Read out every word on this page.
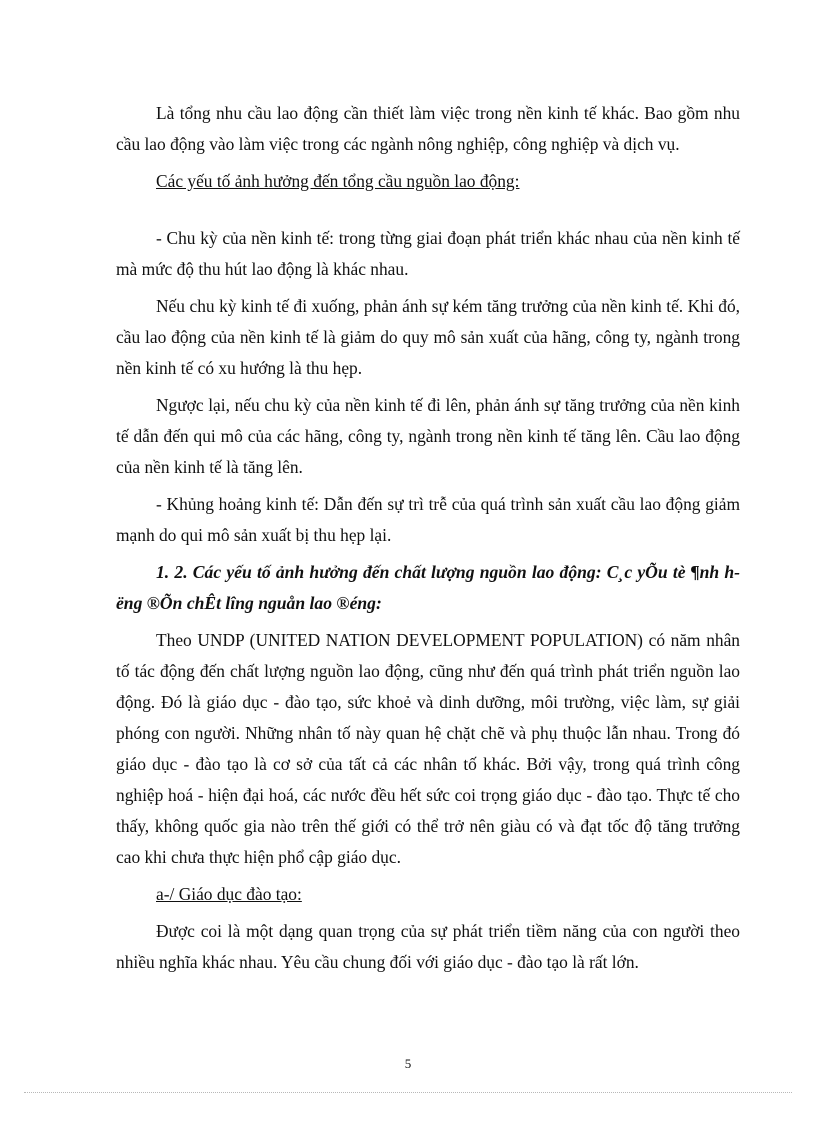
Là tổng nhu cầu lao động cần thiết làm việc trong nền kinh tế khác. Bao gồm nhu cầu lao động vào làm việc trong các ngành nông nghiệp, công nghiệp và dịch vụ.

Các yếu tố ảnh hưởng đến tổng cầu nguồn lao động:

- Chu kỳ của nền kinh tế: trong từng giai đoạn phát triển khác nhau của nền kinh tế mà mức độ thu hút lao động là khác nhau.

Nếu chu kỳ kinh tế đi xuống, phản ánh sự kém tăng trưởng của nền kinh tế. Khi đó, cầu lao động của nền kinh tế là giảm do quy mô sản xuất của hãng, công ty, ngành trong nền kinh tế có xu hướng là thu hẹp.

Ngược lại, nếu chu kỳ của nền kinh tế đi lên, phản ánh sự tăng trưởng của nền kinh tế dẫn đến qui mô của các hãng, công ty, ngành trong nền kinh tế tăng lên. Cầu lao động của nền kinh tế là tăng lên.

- Khủng hoảng kinh tế: Dẫn đến sự trì trễ của quá trình sản xuất cầu lao động giảm mạnh do qui mô sản xuất bị thu hẹp lại.

1. 2. Các yếu tố ảnh hưởng đến chất lượng nguồn lao động: C¸c yÕu tè ¶nh hëng ®Õn chÊt lîng nguån lao ®éng:

Theo UNDP (UNITED NATION DEVELOPMENT POPULATION) có năm nhân tố tác động đến chất lượng nguồn lao động, cũng như đến quá trình phát triển nguồn lao động. Đó là giáo dục - đào tạo, sức khoẻ và dinh dưỡng, môi trường, việc làm, sự giải phóng con người. Những nhân tố này quan hệ chặt chẽ và phụ thuộc lẫn nhau. Trong đó giáo dục - đào tạo là cơ sở của tất cả các nhân tố khác. Bởi vậy, trong quá trình công nghiệp hoá - hiện đại hoá, các nước đều hết sức coi trọng giáo dục - đào tạo. Thực tế cho thấy, không quốc gia nào trên thế giới có thể trở nên giàu có và đạt tốc độ tăng trưởng cao khi chưa thực hiện phổ cập giáo dục.

a-/ Giáo dục đào tạo:

Được coi là một dạng quan trọng của sự phát triển tiềm năng của con người theo nhiều nghĩa khác nhau. Yêu cầu chung đối với giáo dục - đào tạo là rất lớn.

5
